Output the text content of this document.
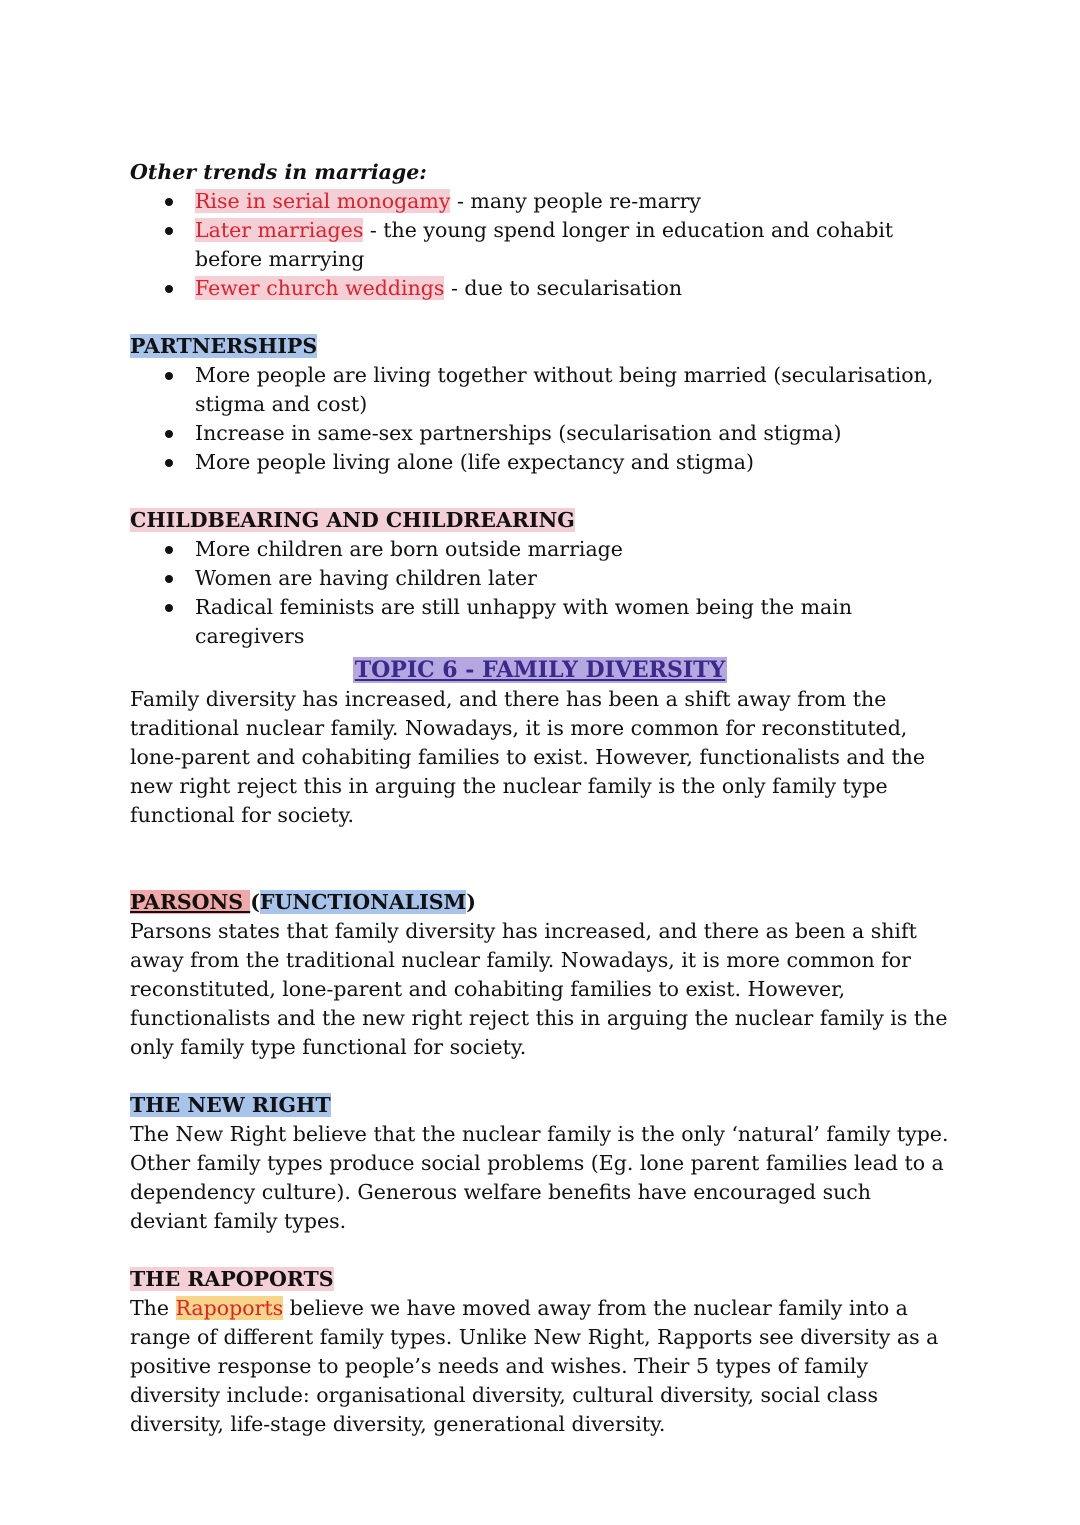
Other trends in marriage:

Rise in serial monogamy - many people re-marry
Later marriages - the young spend longer in education and cohabit before marrying
Fewer church weddings - due to secularisation

PARTNERSHIPS

More people are living together without being married (secularisation, stigma and cost)
Increase in same-sex partnerships (secularisation and stigma)
More people living alone (life expectancy and stigma)

CHILDBEARING AND CHILDREARING

More children are born outside marriage
Women are having children later
Radical feminists are still unhappy with women being the main caregivers

TOPIC 6 - FAMILY DIVERSITY

Family diversity has increased, and there has been a shift away from the traditional nuclear family. Nowadays, it is more common for reconstituted, lone-parent and cohabiting families to exist. However, functionalists and the new right reject this in arguing the nuclear family is the only family type functional for society.

PARSONS (FUNCTIONALISM)

Parsons states that family diversity has increased, and there as been a shift away from the traditional nuclear family. Nowadays, it is more common for reconstituted, lone-parent and cohabiting families to exist. However, functionalists and the new right reject this in arguing the nuclear family is the only family type functional for society.

THE NEW RIGHT

The New Right believe that the nuclear family is the only ‘natural’ family type. Other family types produce social problems (Eg. lone parent families lead to a dependency culture). Generous welfare benefits have encouraged such deviant family types.

THE RAPOPORTS

The Rapoports believe we have moved away from the nuclear family into a range of different family types. Unlike New Right, Rapports see diversity as a positive response to people’s needs and wishes. Their 5 types of family diversity include: organisational diversity, cultural diversity, social class diversity, life-stage diversity, generational diversity.
